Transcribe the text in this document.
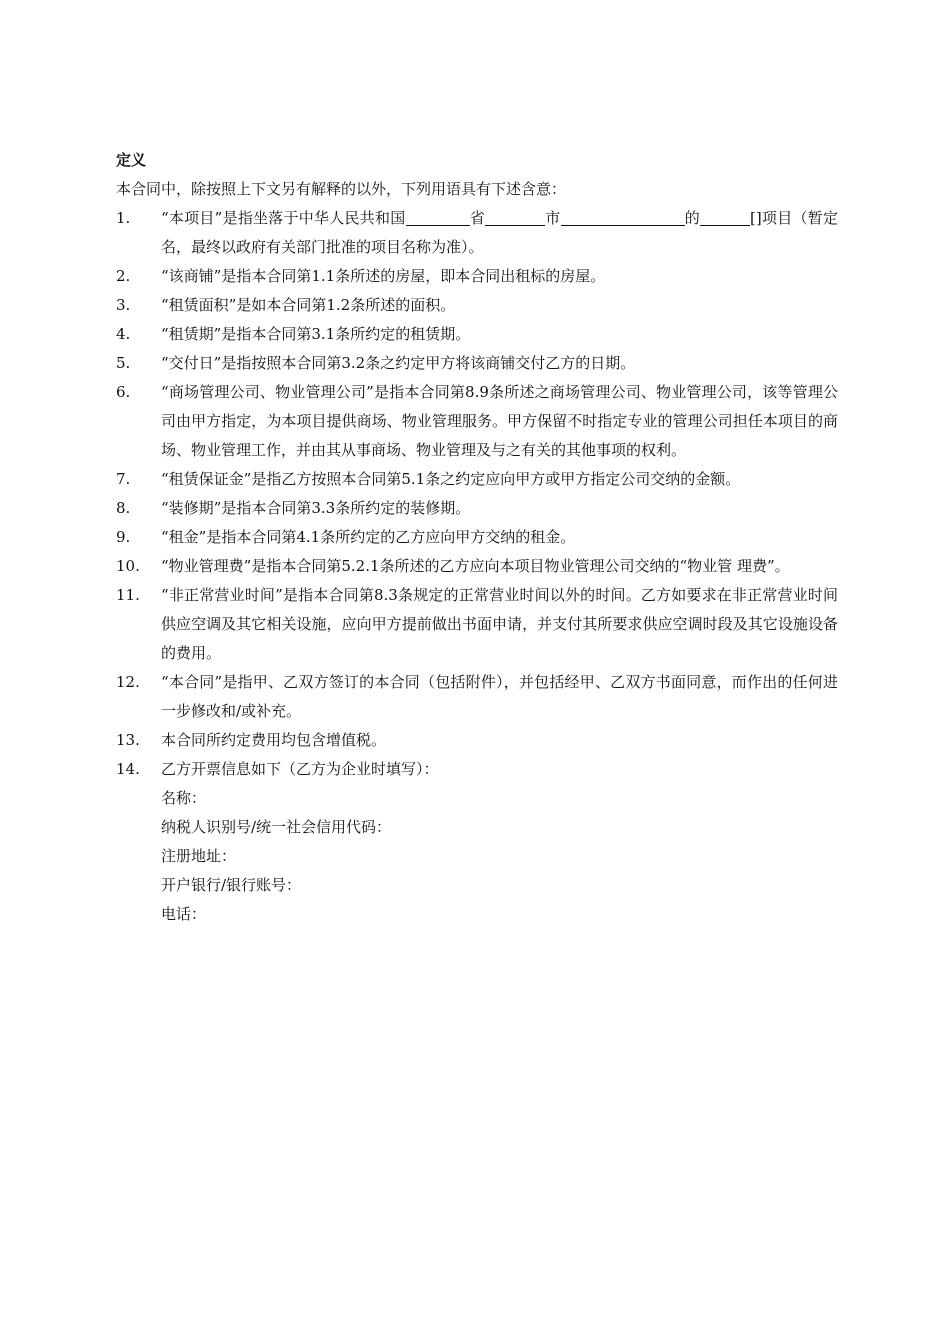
定义

本合同中，除按照上下文另有解释的以外，下列用语具有下述含意：

1.	“本项目”是指坐落于中华人民共和国	省	市	的	[]项目（暂定名，最终以政府有关部门批准的项目名称为准）。
2.	“该商铺”是指本合同第1.1条所述的房屋，即本合同出租标的房屋。
3.	“租赁面积”是如本合同第1.2条所述的面积。
4.	“租赁期”是指本合同第3.1条所约定的租赁期。
5.	“交付日”是指按照本合同第3.2条之约定甲方将该商铺交付乙方的日期。
6.	“商场管理公司、物业管理公司”是指本合同第8.9条所述之商场管理公司、物业管理公司，该等管理公司由甲方指定，为本项目提供商场、物业管理服务。甲方保留不时指定专业的管理公司担任本项目的商场、物业管理工作，并由其从事商场、物业管理及与之有关的其他事项的权利。
7.	“租赁保证金”是指乙方按照本合同第5.1条之约定应向甲方或甲方指定公司交纳的金额。
8.	“装修期”是指本合同第3.3条所约定的装修期。
9.	“租金”是指本合同第4.1条所约定的乙方应向甲方交纳的租金。
10.	“物业管理费”是指本合同第5.2.1条所述的乙方应向本项目物业管理公司交纳的“物业管 理费”。
11.	“非正常营业时间”是指本合同第8.3条规定的正常营业时间以外的时间。乙方如要求在非正常营业时间供应空调及其它相关设施，应向甲方提前做出书面申请，并支付其所要求供应空调时段及其它设施设备的费用。
12.	“本合同”是指甲、乙双方签订的本合同（包括附件），并包括经甲、乙双方书面同意，而作出的任何进一步修改和/或补充。
13.	本合同所约定费用均包含增值税。
14.	乙方开票信息如下（乙方为企业时填写）：

名称：

纳税人识别号/统一社会信用代码：

注册地址：

开户银行/银行账号：

电话：
